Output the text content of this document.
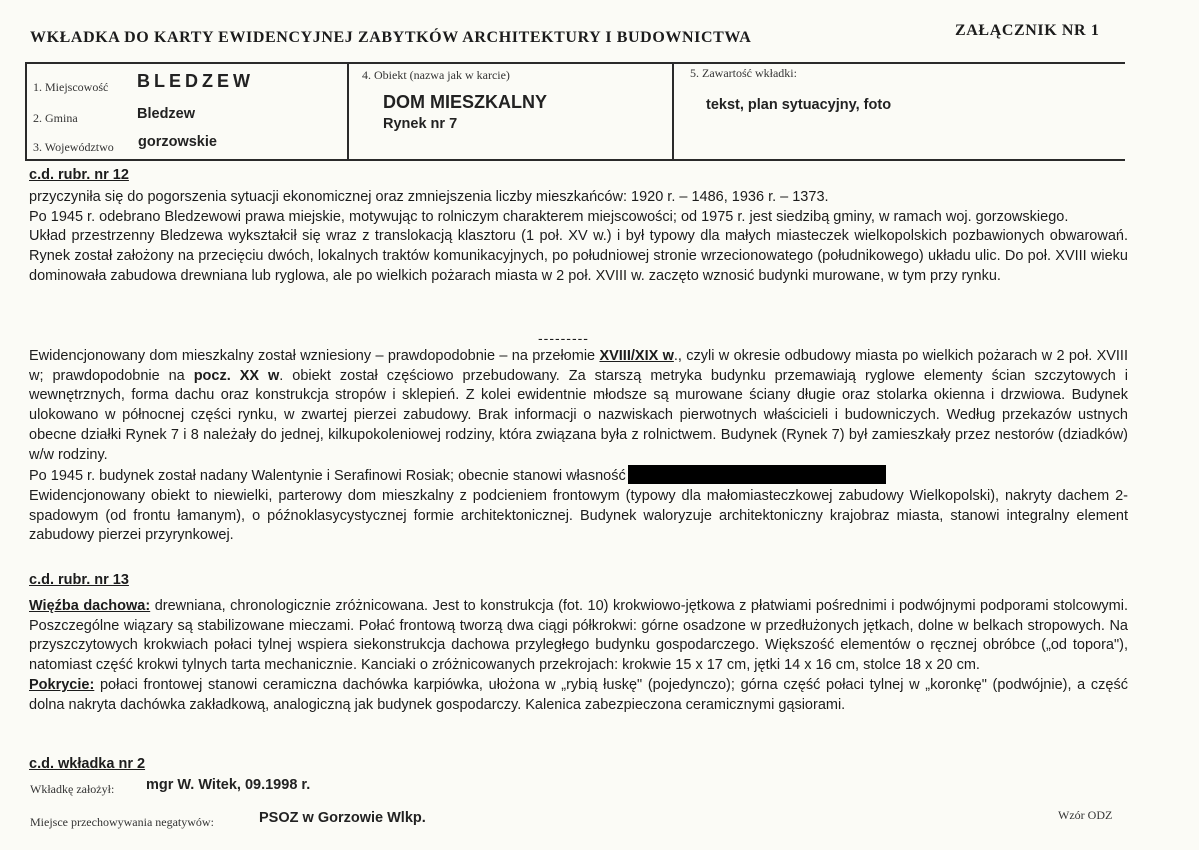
WKŁADKA DO KARTY EWIDENCYJNEJ ZABYTKÓW ARCHITEKTURY I BUDOWNICTWA	ZAŁĄCZNIK NR 1
1. Miejscowość BLEDZEW
2. Gmina	Bledzew
3. Województwo gorzowskie
4. Obiekt (nazwa jak w karcie)
DOM MIESZKALNY
Rynek nr 7
5. Zawartość wkładki:
tekst, plan sytuacyjny, foto
c.d. rubr. nr 12

przyczyniła się do pogorszenia sytuacji ekonomicznej oraz zmniejszenia liczby mieszkańców: 1920 r. – 1486, 1936 r. – 1373.

Po 1945 r. odebrano Bledzewowi prawa miejskie, motywując to rolniczym charakterem miejscowości; od 1975 r. jest siedzibą gminy, w ramach woj. gorzowskiego.

Układ przestrzenny Bledzewa wykształcił się wraz z translokacją klasztoru (1 poł. XV w.) i był typowy dla małych miasteczek wielkopolskich pozbawionych obwarowań. Rynek został założony na przecięciu dwóch, lokalnych traktów komunikacyjnych, po południowej stronie wrzecionowatego (południkowego) układu ulic. Do poł. XVIII wieku dominowała zabudowa drewniana lub ryglowa, ale po wielkich pożarach miasta w 2 poł. XVIII w. zaczęto wznosić budynki murowane, w tym przy rynku.

---------

Ewidencjonowany dom mieszkalny został wzniesiony – prawdopodobnie – na przełomie XVIII/XIX w., czyli w okresie odbudowy miasta po wielkich pożarach w 2 poł. XVIII w; prawdopodobnie na pocz. XX w. obiekt został częściowo przebudowany. Za starszą metryka budynku przemawiają ryglowe elementy ścian szczytowych i wewnętrznych, forma dachu oraz konstrukcja stropów i sklepień. Z kolei ewidentnie młodsze są murowane ściany długie oraz stolarka okienna i drzwiowa. Budynek ulokowano w północnej części rynku, w zwartej pierzei zabudowy. Brak informacji o nazwiskach pierwotnych właścicieli i budowniczych. Według przekazów ustnych obecne działki Rynek 7 i 8 należały do jednej, kilkupokoleniowej rodziny, która związana była z rolnictwem. Budynek (Rynek 7) był zamieszkały przez nestorów (dziadków) w/w rodziny.

Po 1945 r. budynek został nadany Walentynie i Serafinowi Rosiak; obecnie stanowi własność

Ewidencjonowany obiekt to niewielki, parterowy dom mieszkalny z podcieniem frontowym (typowy dla małomiasteczkowej zabudowy Wielkopolski), nakryty dachem 2-spadowym (od frontu łamanym), o późnoklasycystycznej formie architektonicznej. Budynek waloryzuje architektoniczny krajobraz miasta, stanowi integralny element zabudowy pierzei przyrynkowej.

c.d. rubr. nr 13

Więźba dachowa: drewniana, chronologicznie zróżnicowana. Jest to konstrukcja (fot. 10) krokwiowo-jętkowa z płatwiami pośrednimi i podwójnymi podporami stolcowymi. Poszczególne wiązary są stabilizowane mieczami. Połać frontową tworzą dwa ciągi półkrokwi: górne osadzone w przedłużonych jętkach, dolne w belkach stropowych. Na przyszczytowych krokwiach połaci tylnej wspiera siekonstrukcja dachowa przyległego budynku gospodarczego. Większość elementów o ręcznej obróbce („od topora"), natomiast część krokwi tylnych tarta mechanicznie. Kanciaki o zróżnicowanych przekrojach: krokwie 15 x 17 cm, jętki 14 x 16 cm, stolce 18 x 20 cm.

Pokrycie: połaci frontowej stanowi ceramiczna dachówka karpiówka, ułożona w „rybią łuskę" (pojedynczo); górna część połaci tylnej w „koronkę" (podwójnie), a część dolna nakryta dachówka zakładkową, analogiczną jak budynek gospodarczy. Kalenica zabezpieczona ceramicznymi gąsiorami.

c.d. wkładka nr 2
Wkładkę założył: mgr W. Witek, 09.1998 r.
Miejsce przechowywania negatywów:	PSOZ w Gorzowie Wlkp.	Wzór ODZ
